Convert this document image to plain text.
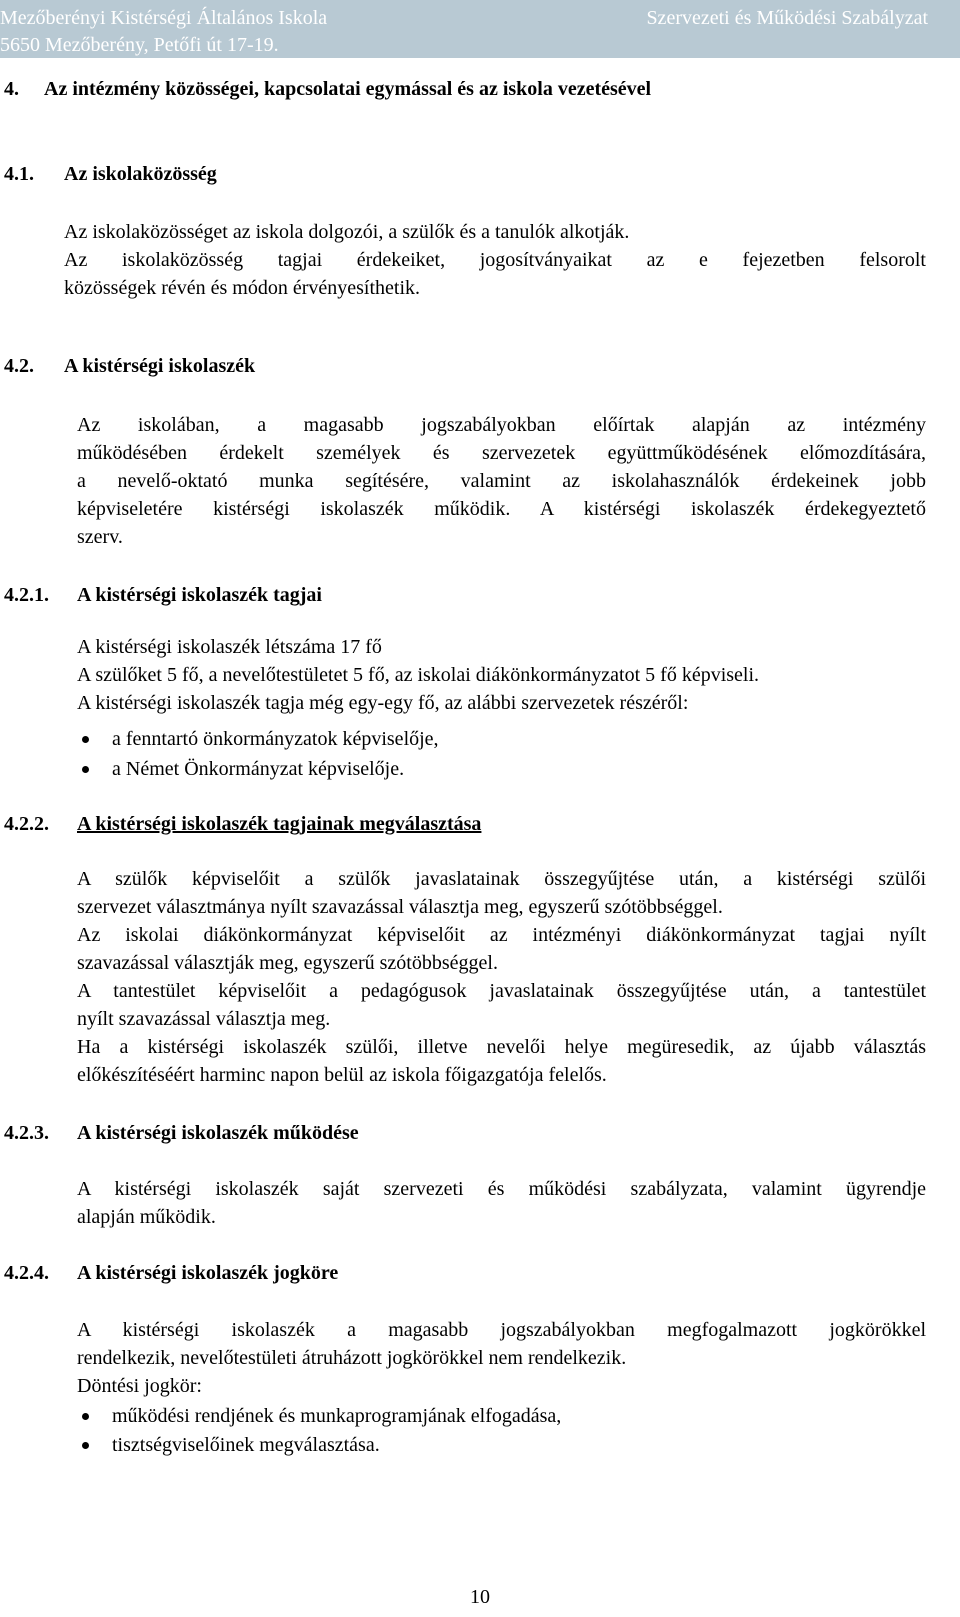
Mezőberényi Kistérségi Általános Iskola	Szervezeti és Működési Szabályzat
5650 Mezőberény, Petőfi út 17-19.
4. Az intézmény közösségei, kapcsolatai egymással és az iskola vezetésével
4.1. Az iskolaközösség
Az iskolaközösséget az iskola dolgozói, a szülők és a tanulók alkotják.
Az iskolaközösség tagjai érdekeiket, jogosítványaikat az e fejezetben felsorolt
közösségek révén és módon érvényesíthetik.
4.2. A kistérségi iskolaszék
Az iskolában, a magasabb jogszabályokban előírtak alapján az intézmény
működésében érdekelt személyek és szervezetek együttműködésének előmozdítására,
a nevelő-oktató munka segítésére, valamint az iskolahasználók érdekeinek jobb
képviseletére kistérségi iskolaszék működik. A kistérségi iskolaszék érdekegyeztető
szerv.
4.2.1. A kistérségi iskolaszék tagjai
A kistérségi iskolaszék létszáma 17 fő
A szülőket 5 fő, a nevelőtestületet 5 fő, az iskolai diákönkormányzatot 5 fő képviseli.
A kistérségi iskolaszék tagja még egy-egy fő, az alábbi szervezetek részéről:
a fenntartó önkormányzatok képviselője,
a Német Önkormányzat képviselője.
4.2.2. A kistérségi iskolaszék tagjainak megválasztása
A szülők képviselőit a szülők javaslatainak összegyűjtése után, a kistérségi szülői
szervezet választmánya nyílt szavazással választja meg, egyszerű szótöbbséggel.
Az iskolai diákönkormányzat képviselőit az intézményi diákönkormányzat tagjai nyílt
szavazással választják meg, egyszerű szótöbbséggel.
A tantestület képviselőit a pedagógusok javaslatainak összegyűjtése után, a tantestület
nyílt szavazással választja meg.
Ha a kistérségi iskolaszék szülői, illetve nevelői helye megüresedik, az újabb választás
előkészítéséért harminc napon belül az iskola főigazgatója felelős.
4.2.3. A kistérségi iskolaszék működése
A kistérségi iskolaszék saját szervezeti és működési szabályzata, valamint ügyrendje
alapján működik.
4.2.4. A kistérségi iskolaszék jogköre
A kistérségi iskolaszék a magasabb jogszabályokban megfogalmazott jogkörökkel
rendelkezik, nevelőtestületi átruházott jogkörökkel nem rendelkezik.
Döntési jogkör:
működési rendjének és munkaprogramjának elfogadása,
tisztségviselőinek megválasztása.
10
